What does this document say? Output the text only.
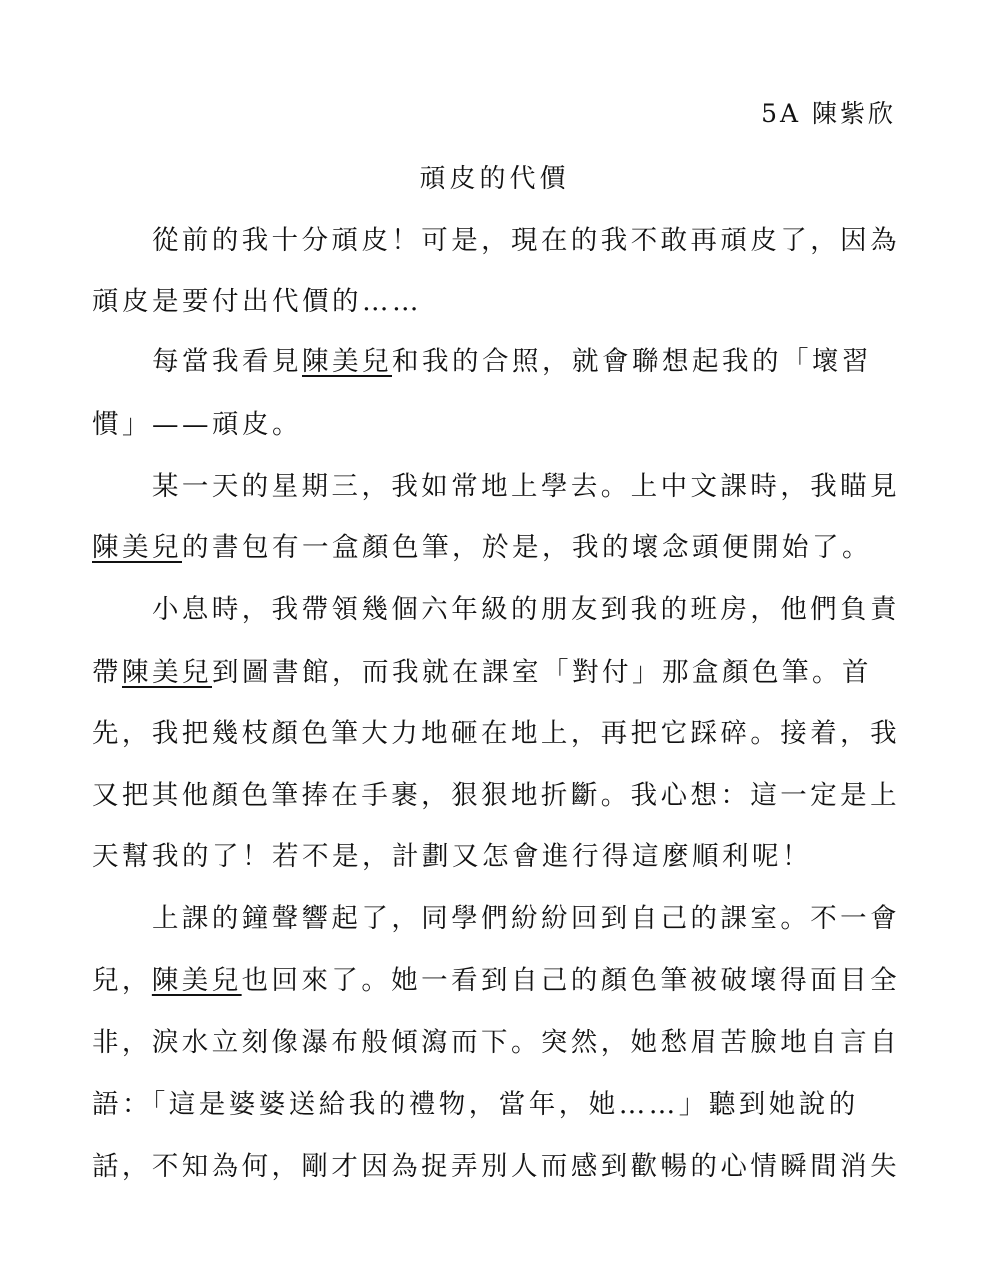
5A 陳紫欣
頑皮的代價
從前的我十分頑皮！可是，現在的我不敢再頑皮了，因為
頑皮是要付出代價的……
每當我看見陳美兒和我的合照，就會聯想起我的「壞習
慣」——頑皮。
某一天的星期三，我如常地上學去。上中文課時，我瞄見
陳美兒的書包有一盒顏色筆，於是，我的壞念頭便開始了。
小息時，我帶領幾個六年級的朋友到我的班房，他們負責
帶陳美兒到圖書館，而我就在課室「對付」那盒顏色筆。首
先，我把幾枝顏色筆大力地砸在地上，再把它踩碎。接着，我
又把其他顏色筆捧在手裹，狠狠地折斷。我心想：這一定是上
天幫我的了！若不是，計劃又怎會進行得這麼順利呢！
上課的鐘聲響起了，同學們紛紛回到自己的課室。不一會
兒，陳美兒也回來了。她一看到自己的顏色筆被破壞得面目全
非，淚水立刻像瀑布般傾瀉而下。突然，她愁眉苦臉地自言自
語：「這是婆婆送給我的禮物，當年，她……」聽到她說的
話，不知為何，剛才因為捉弄別人而感到歡暢的心情瞬間消失
